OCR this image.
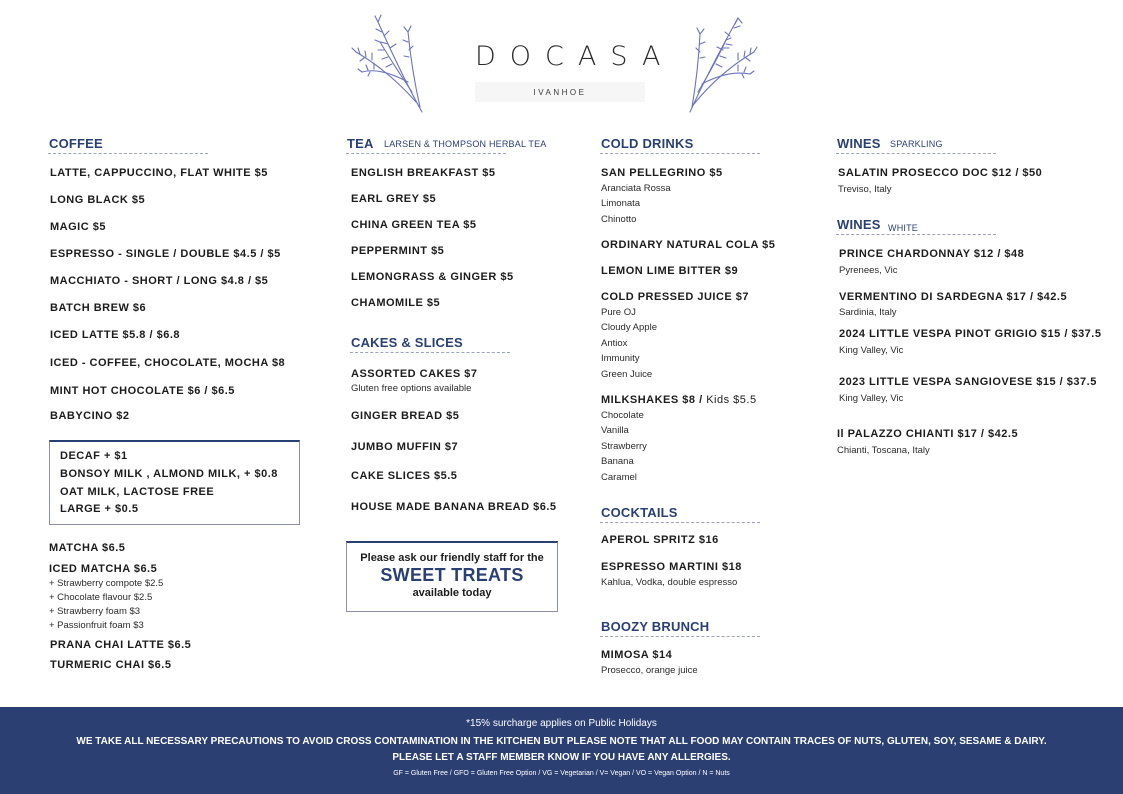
DOCASA
IVANHOE
COFFEE
LATTE, CAPPUCCINO, FLAT WHITE $5
LONG BLACK $5
MAGIC $5
ESPRESSO - SINGLE / DOUBLE $4.5 / $5
MACCHIATO - SHORT / LONG $4.8 / $5
BATCH BREW $6
ICED LATTE $5.8 / $6.8
ICED - COFFEE, CHOCOLATE, MOCHA $8
MINT HOT CHOCOLATE $6 / $6.5
BABYCINO $2
MATCHA $6.5
ICED MATCHA $6.5
+ Strawberry compote $2.5
+ Chocolate flavour $2.5
+ Strawberry foam $3
+ Passionfruit foam $3
PRANA CHAI LATTE $6.5
TURMERIC CHAI $6.5
DECAF + $1
BONSOY MILK , ALMOND MILK, + $0.8
OAT MILK, LACTOSE FREE
LARGE + $0.5
TEA LARSEN & THOMPSON HERBAL TEA
ENGLISH BREAKFAST $5
EARL GREY $5
CHINA GREEN TEA $5
PEPPERMINT $5
LEMONGRASS & GINGER $5
CHAMOMILE $5
CAKES & SLICES
ASSORTED CAKES $7
Gluten free options available
GINGER BREAD $5
JUMBO MUFFIN $7
CAKE SLICES $5.5
HOUSE MADE BANANA BREAD $6.5
Please ask our friendly staff for the
SWEET TREATS
available today
COLD DRINKS
SAN PELLEGRINO $5
Aranciata Rossa
Limonata
Chinotto
ORDINARY NATURAL COLA $5
LEMON LIME BITTER $9
COLD PRESSED JUICE $7
Pure OJ
Cloudy Apple
Antiox
Immunity
Green Juice
MILKSHAKES $8 / Kids $5.5
Chocolate
Vanilla
Strawberry
Banana
Caramel
COCKTAILS
APEROL SPRITZ $16
ESPRESSO MARTINI $18
Kahlua, Vodka, double espresso
BOOZY BRUNCH
MIMOSA $14
Prosecco, orange juice
WINES SPARKLING
SALATIN PROSECCO DOC $12 / $50
Treviso, Italy
WINES WHITE
PRINCE CHARDONNAY $12 / $48
Pyrenees, Vic
VERMENTINO DI SARDEGNA $17 / $42.5
Sardinia, Italy
2024 LITTLE VESPA PINOT GRIGIO $15 / $37.5
King Valley, Vic
2023 LITTLE VESPA SANGIOVESE $15 / $37.5
King Valley, Vic
Il PALAZZO CHIANTI $17 / $42.5
Chianti, Toscana, Italy
*15% surcharge applies on Public Holidays
WE TAKE ALL NECESSARY PRECAUTIONS TO AVOID CROSS CONTAMINATION IN THE KITCHEN BUT PLEASE NOTE THAT ALL FOOD MAY CONTAIN TRACES OF NUTS, GLUTEN, SOY, SESAME & DAIRY.
PLEASE LET A STAFF MEMBER KNOW IF YOU HAVE ANY ALLERGIES.
GF = Gluten Free / GFO = Gluten Free Option / VG = Vegetarian / V= Vegan / VO = Vegan Option / N = Nuts
